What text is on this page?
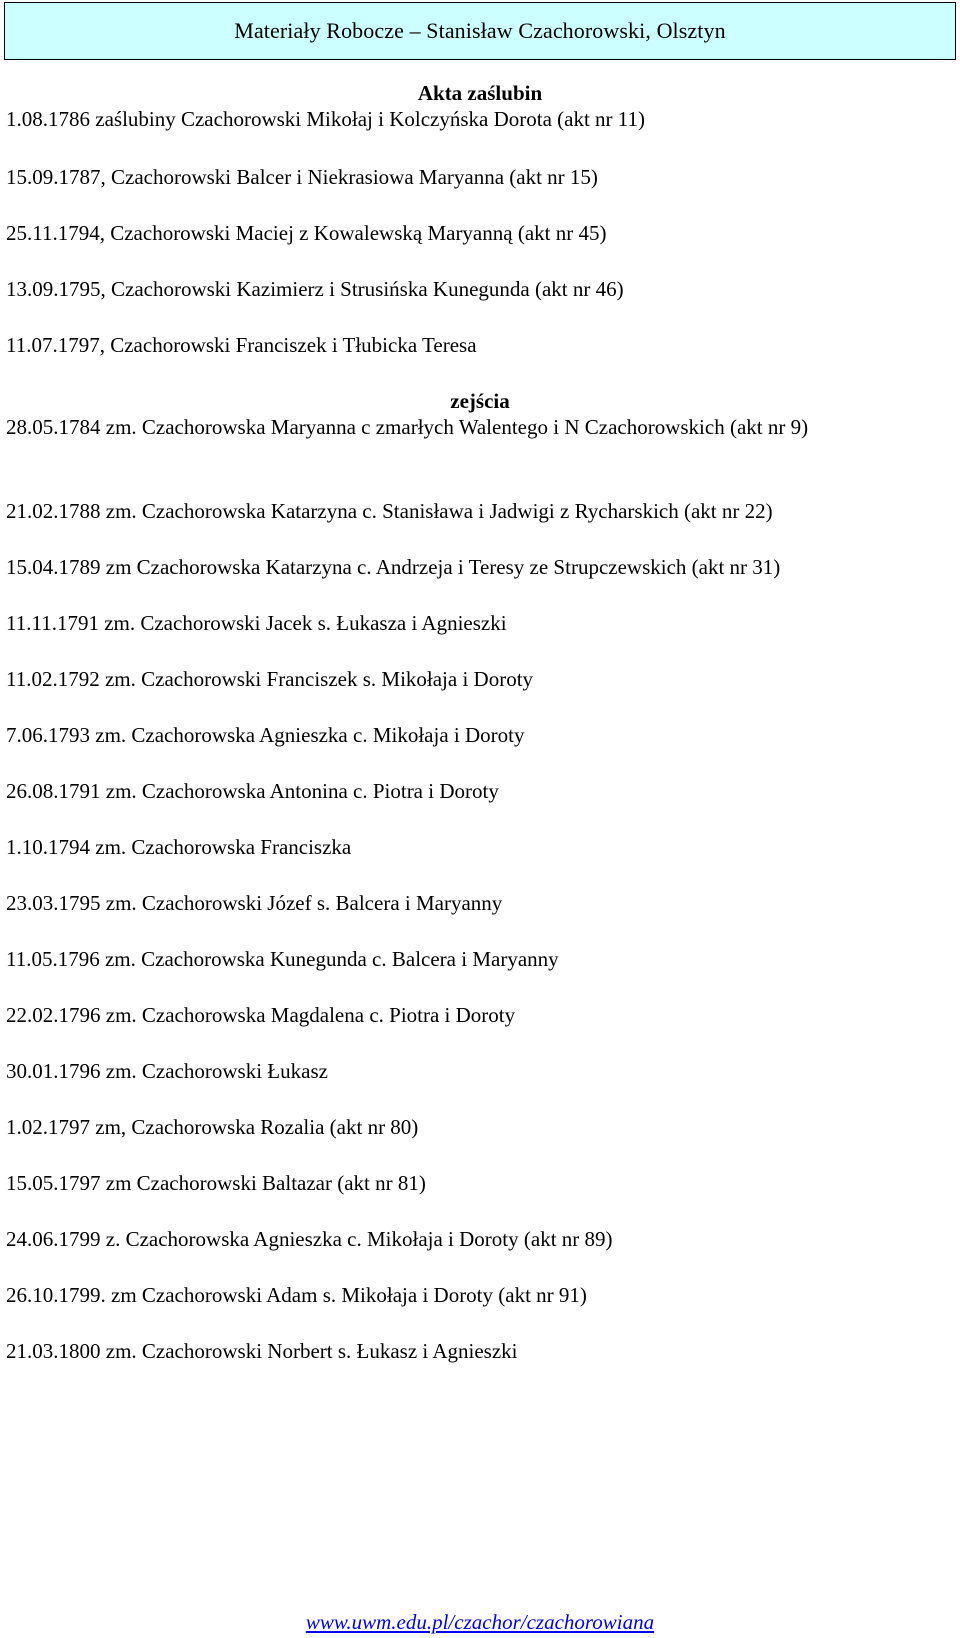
Materiały Robocze – Stanisław Czachorowski, Olsztyn
Akta zaślubin
1.08.1786 zaślubiny Czachorowski Mikołaj i Kolczyńska Dorota (akt nr 11)
15.09.1787, Czachorowski Balcer i Niekrasiowa Maryanna (akt nr 15)
25.11.1794, Czachorowski Maciej z Kowalewską Maryanną (akt nr 45)
13.09.1795, Czachorowski Kazimierz i Strusińska Kunegunda (akt nr 46)
11.07.1797, Czachorowski Franciszek i Tłubicka Teresa
zejścia
28.05.1784 zm. Czachorowska Maryanna c zmarłych Walentego i N Czachorowskich (akt nr 9)
21.02.1788 zm. Czachorowska Katarzyna c. Stanisława i Jadwigi z Rycharskich (akt nr 22)
15.04.1789 zm Czachorowska Katarzyna c. Andrzeja i Teresy ze Strupczewskich (akt nr 31)
11.11.1791 zm. Czachorowski Jacek s. Łukasza i Agnieszki
11.02.1792 zm. Czachorowski Franciszek s. Mikołaja i Doroty
7.06.1793 zm. Czachorowska Agnieszka c. Mikołaja i Doroty
26.08.1791 zm. Czachorowska Antonina c. Piotra i Doroty
1.10.1794 zm. Czachorowska Franciszka
23.03.1795 zm. Czachorowski Józef s. Balcera i Maryanny
11.05.1796 zm. Czachorowska Kunegunda c. Balcera i Maryanny
22.02.1796 zm. Czachorowska Magdalena c. Piotra i Doroty
30.01.1796 zm. Czachorowski Łukasz
1.02.1797 zm, Czachorowska Rozalia (akt nr 80)
15.05.1797 zm Czachorowski Baltazar (akt nr 81)
24.06.1799 z. Czachorowska Agnieszka c. Mikołaja i Doroty (akt nr 89)
26.10.1799. zm Czachorowski Adam s. Mikołaja i Doroty (akt nr 91)
21.03.1800 zm. Czachorowski Norbert s. Łukasz i Agnieszki
www.uwm.edu.pl/czachor/czachorowiana
